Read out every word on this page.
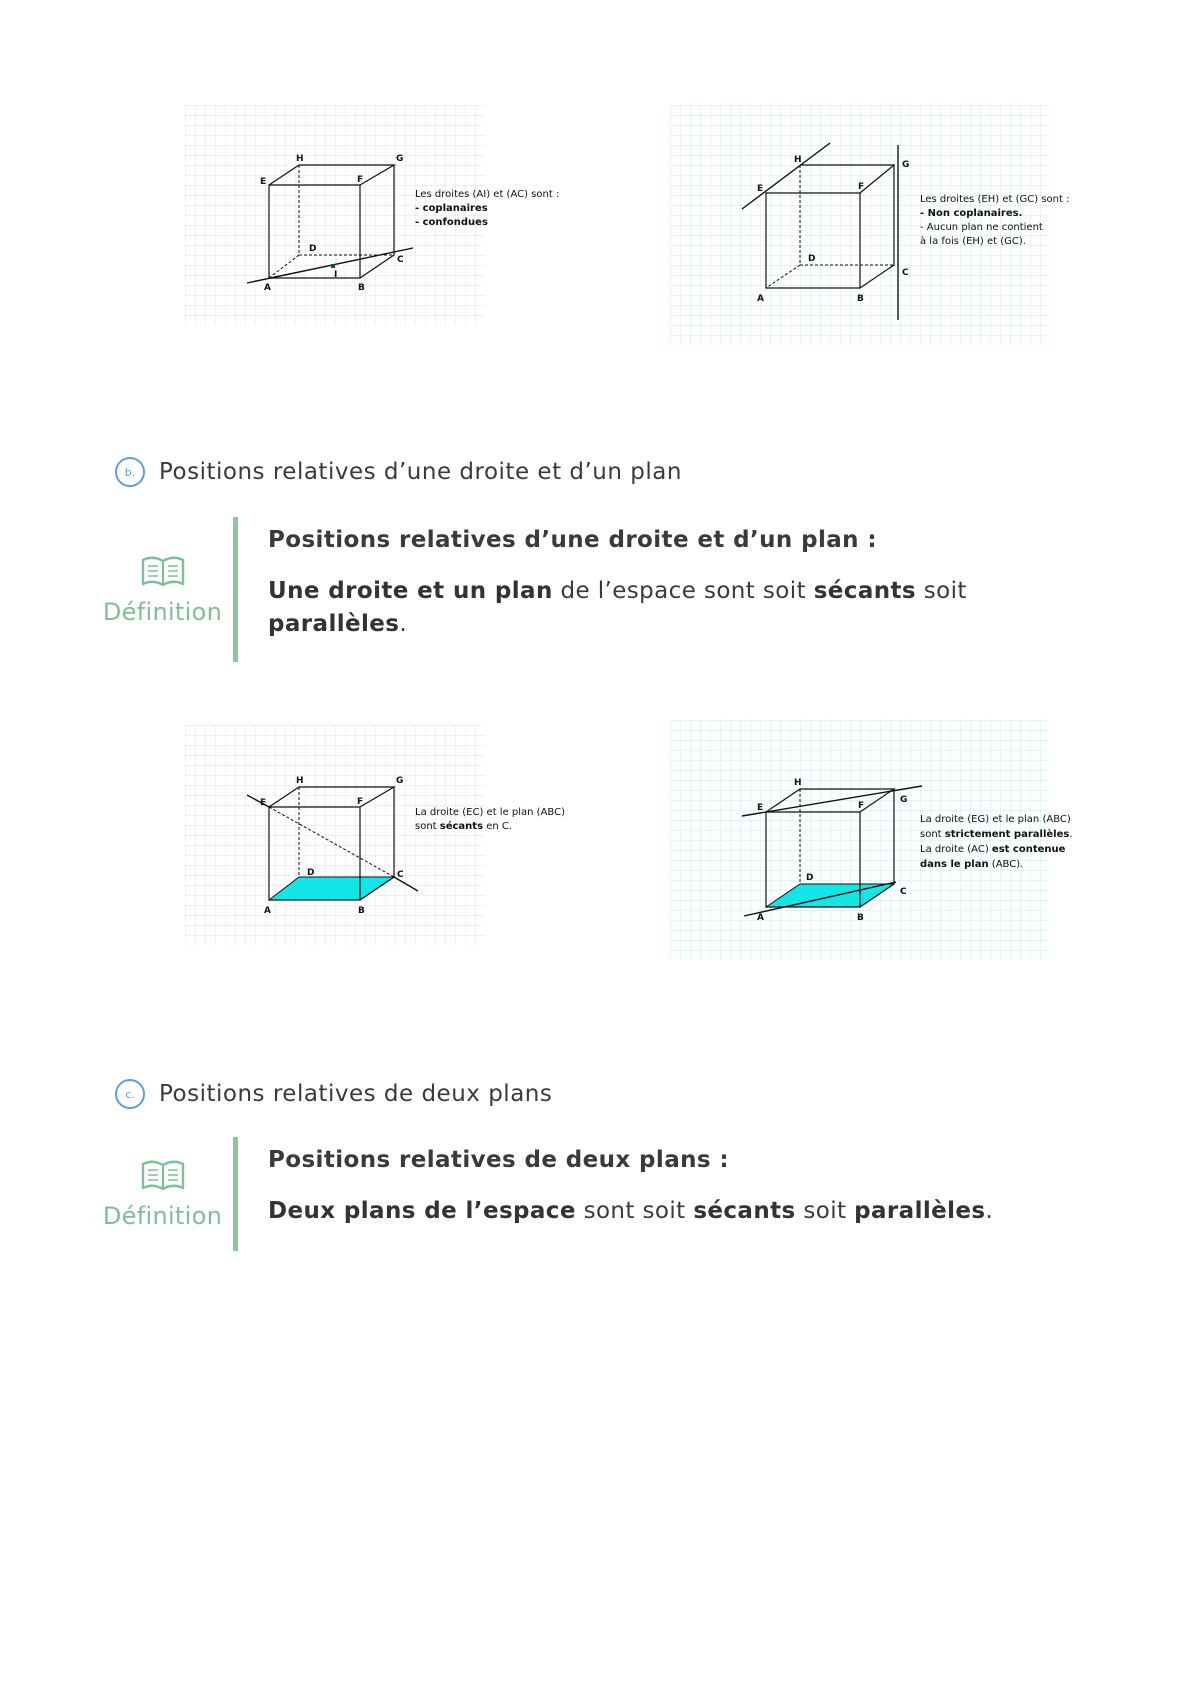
H	G
E	F
D
C
A	B
I
Les droites (AI) et (AC) sont :
- coplanaires
- confondues
H	G
E	F
D
C
A	B
Les droites (EH) et (GC) sont :
- Non coplanaires.
- Aucun plan ne contient
à la fois (EH) et (GC).
b.	Positions relatives d’une droite et d’un plan
Définition

Positions relatives d’une droite et d’un plan :

Une droite et un plan de l’espace sont soit sécants soit parallèles.

H	G
E	F
D	C
A	B
La droite (EC) et le plan (ABC)
sont sécants en C.
H
G
E	F
D
C
A	B
La droite (EG) et le plan (ABC)
sont strictement parallèles.
La droite (AC) est contenue
dans le plan (ABC).
c.	Positions relatives de deux plans
Définition

Positions relatives de deux plans :

Deux plans de l’espace sont soit sécants soit parallèles.
